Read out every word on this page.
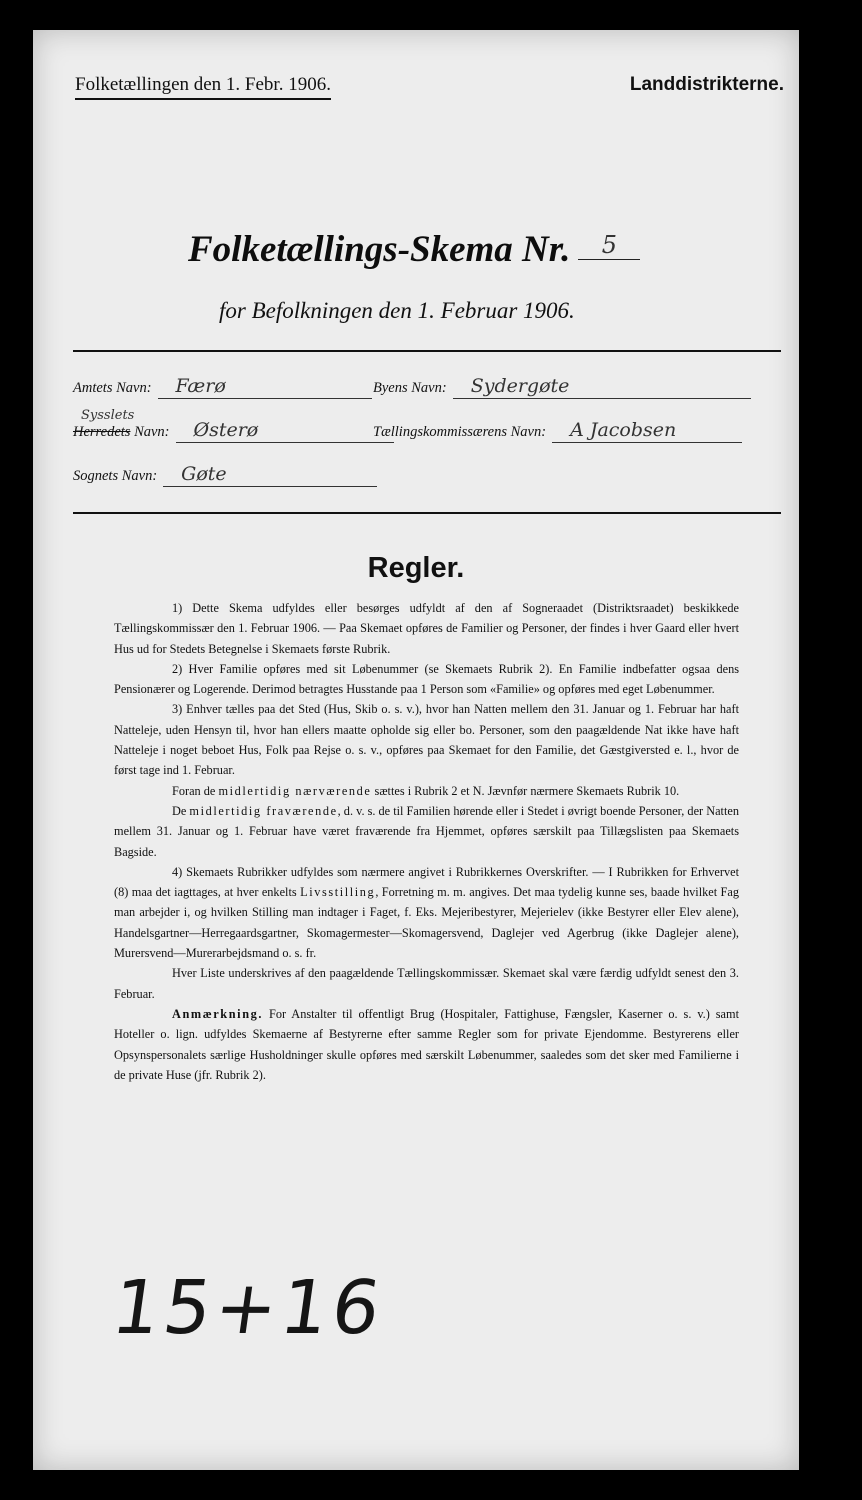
Folketællingen den 1. Febr. 1906.	Landdistrikterne.
Folketællings-Skema Nr. 5
for Befolkningen den 1. Februar 1906.
Amtets Navn:	Færø
Sysslets
Herredets Navn:	Østerø
Sognets Navn:	Gøte
Byens Navn:	Sydergøte
Tællingskommissærens Navn:	A Jacobsen
Regler.

1) Dette Skema udfyldes eller besørges udfyldt af den af Sogneraadet (Distriktsraadet) beskikkede Tællingskommissær den 1. Februar 1906. — Paa Skemaet opføres de Familier og Personer, der findes i hver Gaard eller hvert Hus ud for Stedets Betegnelse i Skemaets første Rubrik.

2) Hver Familie opføres med sit Løbenummer (se Skemaets Rubrik 2). En Familie indbefatter ogsaa dens Pensionærer og Logerende. Derimod betragtes Husstande paa 1 Person som «Familie» og opføres med eget Løbenummer.

3) Enhver tælles paa det Sted (Hus, Skib o. s. v.), hvor han Natten mellem den 31. Januar og 1. Februar har haft Natteleje, uden Hensyn til, hvor han ellers maatte opholde sig eller bo. Personer, som den paagældende Nat ikke have haft Natteleje i noget beboet Hus, Folk paa Rejse o. s. v., opføres paa Skemaet for den Familie, det Gæstgiversted e. l., hvor de først tage ind 1. Februar.

Foran de midlertidig nærværende sættes i Rubrik 2 et N. Jævnfør nærmere Skemaets Rubrik 10.

De midlertidig fraværende, d. v. s. de til Familien hørende eller i Stedet i øvrigt boende Personer, der Natten mellem 31. Januar og 1. Februar have været fraværende fra Hjemmet, opføres særskilt paa Tillægslisten paa Skemaets Bagside.

4) Skemaets Rubrikker udfyldes som nærmere angivet i Rubrikkernes Overskrifter. — I Rubrikken for Erhvervet (8) maa det iagttages, at hver enkelts Livsstilling, Forretning m. m. angives. Det maa tydelig kunne ses, baade hvilket Fag man arbejder i, og hvilken Stilling man indtager i Faget, f. Eks. Mejeribestyrer, Mejerielev (ikke Bestyrer eller Elev alene), Handelsgartner—Herregaardsgartner, Skomagermester—Skomagersvend, Daglejer ved Agerbrug (ikke Daglejer alene), Murersvend—Murerarbejdsmand o. s. fr.

Hver Liste underskrives af den paagældende Tællingskommissær. Skemaet skal være færdig udfyldt senest den 3. Februar.

Anmærkning. For Anstalter til offentligt Brug (Hospitaler, Fattighuse, Fængsler, Kaserner o. s. v.) samt Hoteller o. lign. udfyldes Skemaerne af Bestyrerne efter samme Regler som for private Ejendomme. Bestyrerens eller Opsynspersonalets særlige Husholdninger skulle opføres med særskilt Løbenummer, saaledes som det sker med Familierne i de private Huse (jfr. Rubrik 2).

15+16
